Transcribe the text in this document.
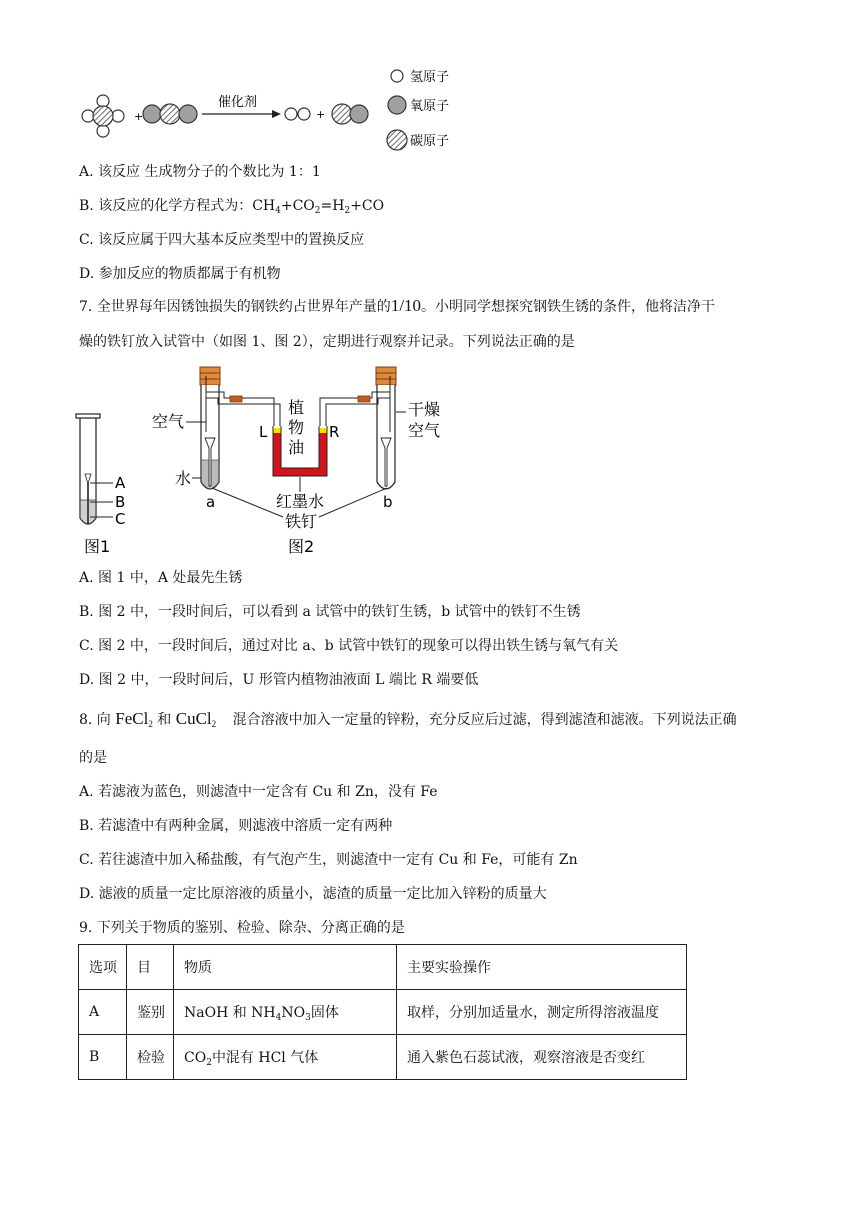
+
催化剂
+
氢原子
氧原子
碳原子
A. 该反应 生成物分子的个数比为 1：1
B. 该反应的化学方程式为：$CH_4+CO_2=H_2+CO$
C. 该反应属于四大基本反应类型中的置换反应
D. 参加反应的物质都属于有机物
7. 全世界每年因锈蚀损失的钢铁约占世界年产量的1/10。小明同学想探究钢铁生锈的条件，他将洁净干
燥的铁钉放入试管中（如图 1、图 2），定期进行观察并记录。下列说法正确的是
A
B
C
图1
空气
水
植
物
油
L	R
干燥
空气
a	b
红墨水
铁钉
图2
A. 图 1 中，A 处最先生锈
B. 图 2 中，一段时间后，可以看到 a 试管中的铁钉生锈，b 试管中的铁钉不生锈
C. 图 2 中，一段时间后，通过对比 a、b 试管中铁钉的现象可以得出铁生锈与氧气有关
D. 图 2 中，一段时间后，U 形管内植物油液面 L 端比 R 端要低
8. 向 FeCl$_2$ 和 CuCl$_2$ 混合溶液中加入一定量的锌粉，充分反应后过滤，得到滤渣和滤液。下列说法正确
的是
A. 若滤液为蓝色，则滤渣中一定含有 Cu 和 Zn，没有 Fe
B. 若滤渣中有两种金属，则滤液中溶质一定有两种
C. 若往滤渣中加入稀盐酸，有气泡产生，则滤渣中一定有 Cu 和 Fe，可能有 Zn
D. 滤液的质量一定比原溶液的质量小，滤渣的质量一定比加入锌粉的质量大
9. 下列关于物质的鉴别、检验、除杂、分离正确的是
选项	目	物质	主要实验操作
A	鉴别	NaOH 和 $NH_4NO_3$固体	取样，分别加适量水，测定所得溶液温度
B	检验	$CO_2$中混有 HCl 气体	通入紫色石蕊试液，观察溶液是否变红
